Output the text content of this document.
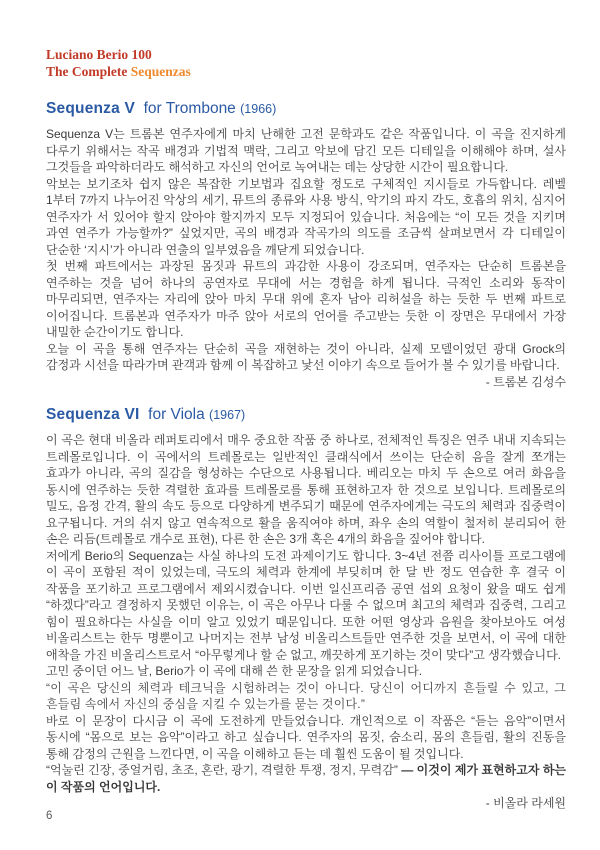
Luciano Berio 100
The Complete Sequenzas
Sequenza V for Trombone (1966)

Sequenza V는 트롬본 연주자에게 마치 난해한 고전 문학과도 같은 작품입니다. 이 곡을 진지하게 다루기 위해서는 작곡 배경과 기법적 맥락, 그리고 악보에 담긴 모든 디테일을 이해해야 하며, 설사 그것들을 파악하더라도 해석하고 자신의 언어로 녹여내는 데는 상당한 시간이 필요합니다.

악보는 보기조차 쉽지 않은 복잡한 기보법과 집요할 정도로 구체적인 지시들로 가득합니다. 레벨 1부터 7까지 나누어진 악상의 세기, 뮤트의 종류와 사용 방식, 악기의 파지 각도, 호흡의 위치, 심지어 연주자가 서 있어야 할지 앉아야 할지까지 모두 지정되어 있습니다. 처음에는 “이 모든 것을 지키며 과연 연주가 가능할까?” 싶었지만, 곡의 배경과 작곡가의 의도를 조금씩 살펴보면서 각 디테일이 단순한 ‘지시’가 아니라 연출의 일부였음을 깨닫게 되었습니다.

첫 번째 파트에서는 과장된 몸짓과 뮤트의 과감한 사용이 강조되며, 연주자는 단순히 트롬본을 연주하는 것을 넘어 하나의 공연자로 무대에 서는 경험을 하게 됩니다. 극적인 소리와 동작이 마무리되면, 연주자는 자리에 앉아 마치 무대 위에 혼자 남아 리허설을 하는 듯한 두 번째 파트로 이어집니다. 트롬본과 연주자가 마주 앉아 서로의 언어를 주고받는 듯한 이 장면은 무대에서 가장 내밀한 순간이기도 합니다.

오늘 이 곡을 통해 연주자는 단순히 곡을 재현하는 것이 아니라, 실제 모델이었던 광대 Grock의 감정과 시선을 따라가며 관객과 함께 이 복잡하고 낯선 이야기 속으로 들어가 볼 수 있기를 바랍니다.

- 트롬본 김성수

Sequenza VI for Viola (1967)

이 곡은 현대 비올라 레퍼토리에서 매우 중요한 작품 중 하나로, 전체적인 특징은 연주 내내 지속되는 트레몰로입니다. 이 곡에서의 트레몰로는 일반적인 클래식에서 쓰이는 단순히 음을 잘게 쪼개는 효과가 아니라, 곡의 질감을 형성하는 수단으로 사용됩니다. 베리오는 마치 두 손으로 여러 화음을 동시에 연주하는 듯한 격렬한 효과를 트레몰로를 통해 표현하고자 한 것으로 보입니다. 트레몰로의 밀도, 음정 간격, 활의 속도 등으로 다양하게 변주되기 때문에 연주자에게는 극도의 체력과 집중력이 요구됩니다. 거의 쉬지 않고 연속적으로 활을 움직여야 하며, 좌우 손의 역할이 철저히 분리되어 한 손은 리듬(트레몰로 개수로 표현), 다른 한 손은 3개 혹은 4개의 화음을 짚어야 합니다.

저에게 Berio의 Sequenza는 사실 하나의 도전 과제이기도 합니다. 3~4년 전쯤 리사이틀 프로그램에 이 곡이 포함된 적이 있었는데, 극도의 체력과 한계에 부딪히며 한 달 반 정도 연습한 후 결국 이 작품을 포기하고 프로그램에서 제외시켰습니다. 이번 일신프리즘 공연 섭외 요청이 왔을 때도 쉽게 “하겠다”라고 결정하지 못했던 이유는, 이 곡은 아무나 다룰 수 없으며 최고의 체력과 집중력, 그리고 힘이 필요하다는 사실을 이미 알고 있었기 때문입니다. 또한 어떤 영상과 음원을 찾아보아도 여성 비올리스트는 한두 명뿐이고 나머지는 전부 남성 비올리스트들만 연주한 것을 보면서, 이 곡에 대한 애착을 가진 비올리스트로서 “아무렇게나 할 순 없고, 깨끗하게 포기하는 것이 맞다”고 생각했습니다.

고민 중이던 어느 날, Berio가 이 곡에 대해 쓴 한 문장을 읽게 되었습니다.

“이 곡은 당신의 체력과 테크닉을 시험하려는 것이 아니다. 당신이 어디까지 흔들릴 수 있고, 그 흔들림 속에서 자신의 중심을 지킬 수 있는가를 묻는 것이다.”

바로 이 문장이 다시금 이 곡에 도전하게 만들었습니다. 개인적으로 이 작품은 “듣는 음악”이면서 동시에 “몸으로 보는 음악”이라고 하고 싶습니다. 연주자의 몸짓, 숨소리, 몸의 흔들림, 활의 진동을 통해 감정의 근원을 느낀다면, 이 곡을 이해하고 듣는 데 훨씬 도움이 될 것입니다.

“억눌린 긴장, 중얼거림, 초조, 혼란, 광기, 격렬한 투쟁, 정지, 무력감” — 이것이 제가 표현하고자 하는 이 작품의 언어입니다.

- 비올라 라세원

6
